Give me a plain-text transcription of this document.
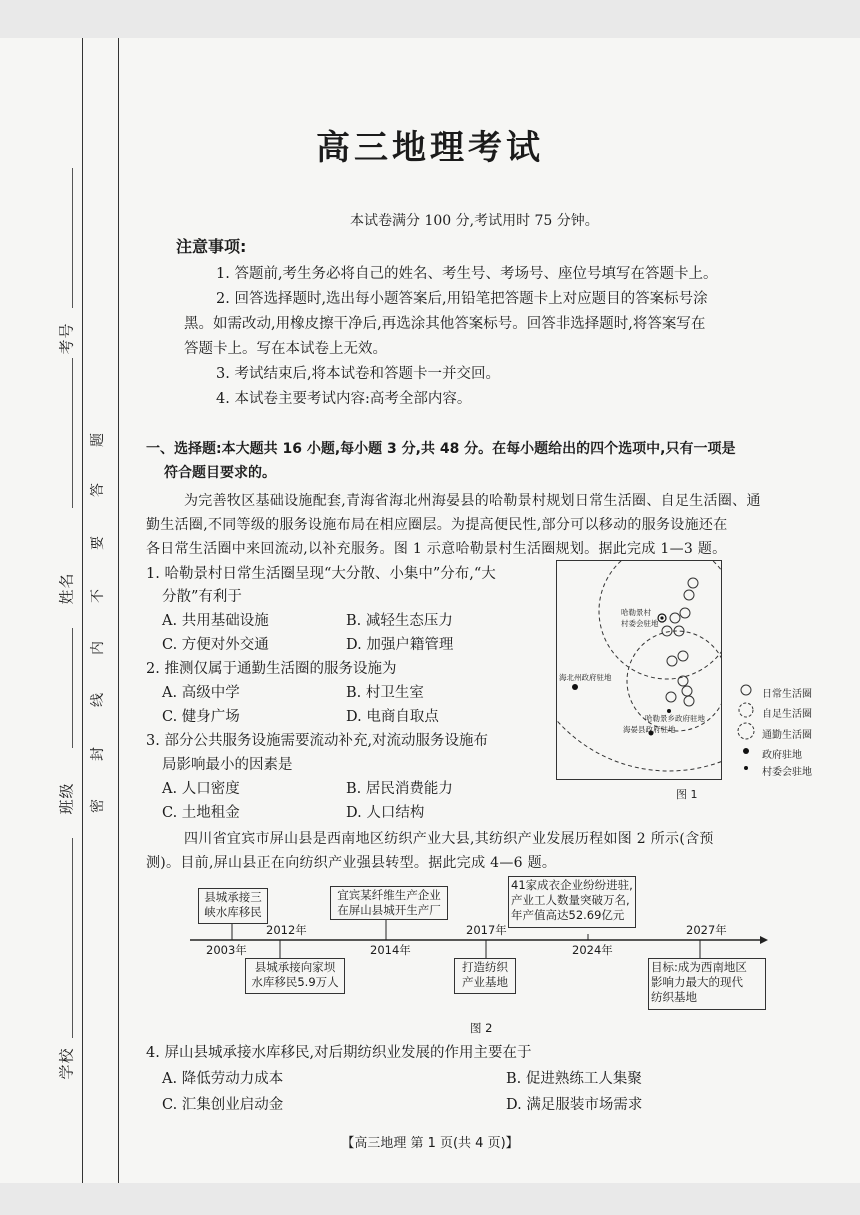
考号
姓名
班级
学校
题
答
要
不
内
线
封
密
高三地理考试
本试卷满分 100 分,考试用时 75 分钟。
注意事项:
1. 答题前,考生务必将自己的姓名、考生号、考场号、座位号填写在答题卡上。
2. 回答选择题时,选出每小题答案后,用铅笔把答题卡上对应题目的答案标号涂
黑。如需改动,用橡皮擦干净后,再选涂其他答案标号。回答非选择题时,将答案写在
答题卡上。写在本试卷上无效。
3. 考试结束后,将本试卷和答题卡一并交回。
4. 本试卷主要考试内容:高考全部内容。
一、选择题:本大题共 16 小题,每小题 3 分,共 48 分。在每小题给出的四个选项中,只有一项是
符合题目要求的。
为完善牧区基础设施配套,青海省海北州海晏县的哈勒景村规划日常生活圈、自足生活圈、通
勤生活圈,不同等级的服务设施布局在相应圈层。为提高便民性,部分可以移动的服务设施还在
各日常生活圈中来回流动,以补充服务。图 1 示意哈勒景村生活圈规划。据此完成 1—3 题。
1. 哈勒景村日常生活圈呈现“大分散、小集中”分布,“大
分散”有利于
A. 共用基础设施	B. 减轻生态压力
C. 方便对外交通	D. 加强户籍管理
2. 推测仅属于通勤生活圈的服务设施为
A. 高级中学	B. 村卫生室
C. 健身广场	D. 电商自取点
3. 部分公共服务设施需要流动补充,对流动服务设施布
局影响最小的因素是
A. 人口密度	B. 居民消费能力
C. 土地租金	D. 人口结构
哈勒景村
村委会驻地
海北州政府驻地
哈勒景乡政府驻地
海晏县政府驻地
日常生活圈
自足生活圈
通勤生活圈
政府驻地
村委会驻地
图 1
四川省宜宾市屏山县是西南地区纺织产业大县,其纺织产业发展历程如图 2 所示(含预
测)。目前,屏山县正在向纺织产业强县转型。据此完成 4—6 题。
县城承接三
峡水库移民
2003年
2012年
县城承接向家坝
水库移民5.9万人
宜宾某纤维生产企业
在屏山县城开生产厂
2014年
2017年
打造纺织
产业基地
41家成衣企业纷纷进驻,
产业工人数量突破万名,
年产值高达52.69亿元
2024年
2027年
目标:成为西南地区
影响力最大的现代
纺织基地
图 2
4. 屏山县城承接水库移民,对后期纺织业发展的作用主要在于
A. 降低劳动力成本	B. 促进熟练工人集聚
C. 汇集创业启动金	D. 满足服装市场需求
【高三地理 第 1 页(共 4 页)】
